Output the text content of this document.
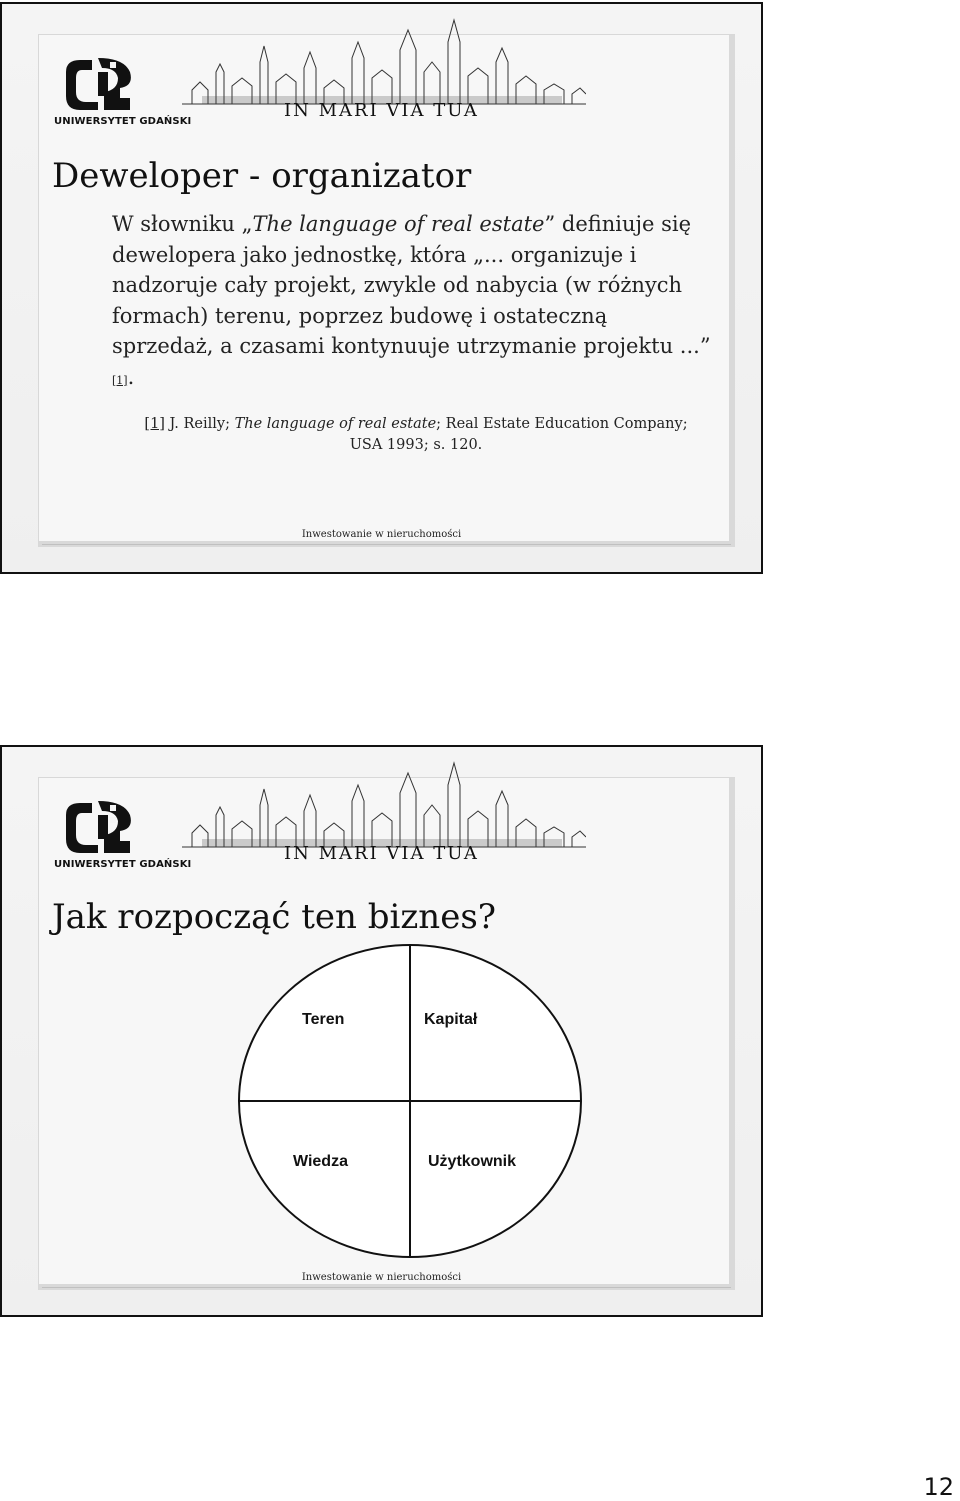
UNIWERSYTET GDAŃSKI
IN MARI VIA TUA
Deweloper - organizator
W słowniku „The language of real estate” definiuje się dewelopera jako jednostkę, która „... organizuje i nadzoruje cały projekt, zwykle od nabycia (w różnych formach) terenu, poprzez budowę i ostateczną sprzedaż, a czasami kontynuuje utrzymanie projektu ...” [1].
[1] J. Reilly; The language of real estate; Real Estate Education Company; USA 1993; s. 120.
Inwestowanie w nieruchomości
UNIWERSYTET GDAŃSKI
IN MARI VIA TUA
Jak rozpocząć ten biznes?
Teren	Kapitał
Wiedza	Użytkownik
Inwestowanie w nieruchomości
12
